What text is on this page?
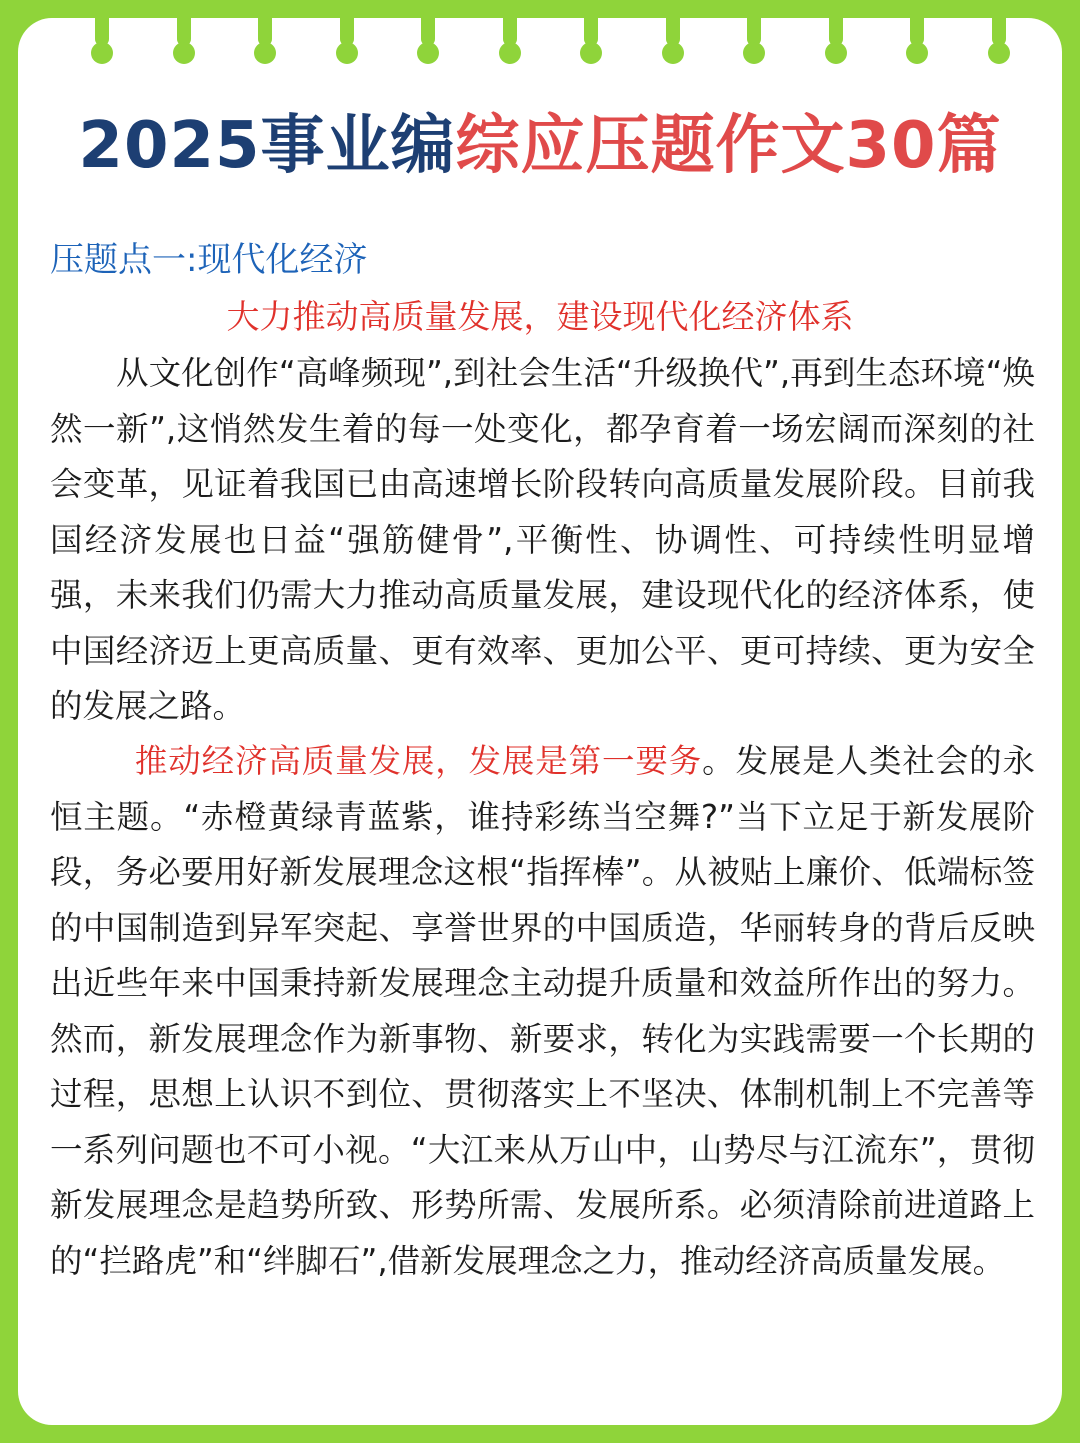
2025事业编综应压题作文30篇
压题点一:现代化经济
大力推动高质量发展，建设现代化经济体系
从文化创作“高峰频现”,到社会生活“升级换代”,再到生态环境“焕然一新”,这悄然发生着的每一处变化，都孕育着一场宏阔而深刻的社会变革，见证着我国已由高速增长阶段转向高质量发展阶段。目前我国经济发展也日益“强筋健骨”,平衡性、协调性、可持续性明显增强，未来我们仍需大力推动高质量发展，建设现代化的经济体系，使中国经济迈上更高质量、更有效率、更加公平、更可持续、更为安全的发展之路。
推动经济高质量发展，发展是第一要务。发展是人类社会的永恒主题。“赤橙黄绿青蓝紫，谁持彩练当空舞?”当下立足于新发展阶段，务必要用好新发展理念这根“指挥棒”。从被贴上廉价、低端标签的中国制造到异军突起、享誉世界的中国质造，华丽转身的背后反映出近些年来中国秉持新发展理念主动提升质量和效益所作出的努力。然而，新发展理念作为新事物、新要求，转化为实践需要一个长期的过程，思想上认识不到位、贯彻落实上不坚决、体制机制上不完善等一系列问题也不可小视。“大江来从万山中，山势尽与江流东”，贯彻新发展理念是趋势所致、形势所需、发展所系。必须清除前进道路上的“拦路虎”和“绊脚石”,借新发展理念之力，推动经济高质量发展。
